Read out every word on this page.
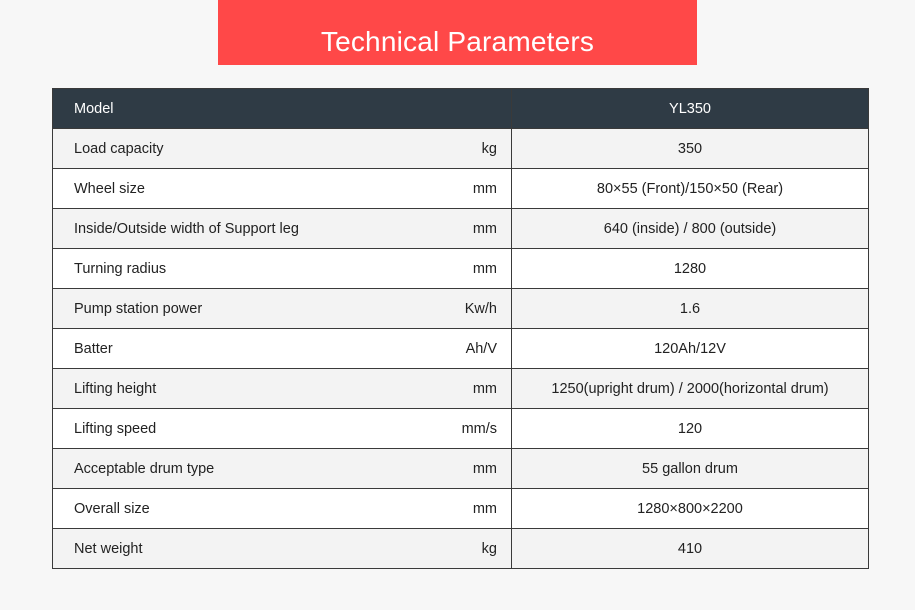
Technical Parameters
Model	YL350

Load capacity kg	350

Wheel size mm	80×55 (Front)/150×50 (Rear)

Inside/Outside width of Support leg mm	640 (inside) / 800 (outside)

Turning radius mm	1280

Pump station power Kw/h	1.6

Batter Ah/V	120Ah/12V

Lifting height mm	1250(upright drum) / 2000(horizontal drum)

Lifting speed mm/s	120

Acceptable drum type mm	55 gallon drum

Overall size mm	1280×800×2200

Net weight kg	410
